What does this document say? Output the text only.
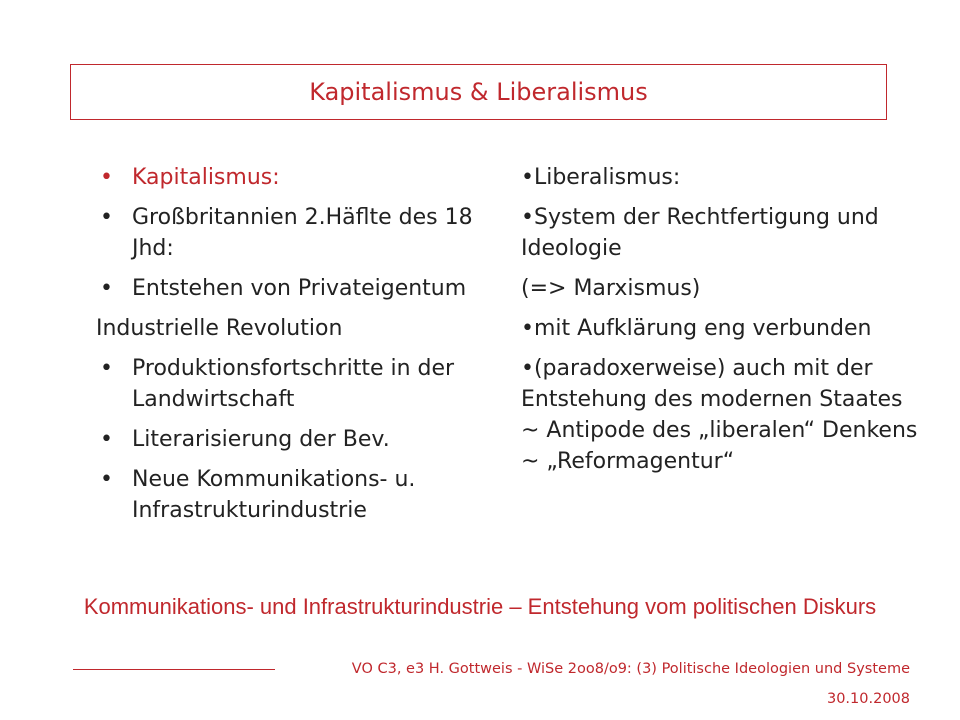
Kapitalismus & Liberalismus
• Kapitalismus:
• Großbritannien 2.Häflte des 18 Jhd:
• Entstehen von Privateigentum
Industrielle Revolution
• Produktionsfortschritte in der Landwirtschaft
• Literarisierung der Bev.
• Neue Kommunikations- u. Infrastrukturindustrie
•Liberalismus:
•System der Rechtfertigung und Ideologie
(=> Marxismus)
•mit Aufklärung eng verbunden
•(paradoxerweise) auch mit der Entstehung des modernen Staates
~ Antipode des „liberalen“ Denkens
~ „Reformagentur“
Kommunikations- und Infrastrukturindustrie – Entstehung vom politischen Diskurs
VO C3, e3 H. Gottweis - WiSe 2oo8/o9: (3) Politische Ideologien und Systeme
30.10.2008
